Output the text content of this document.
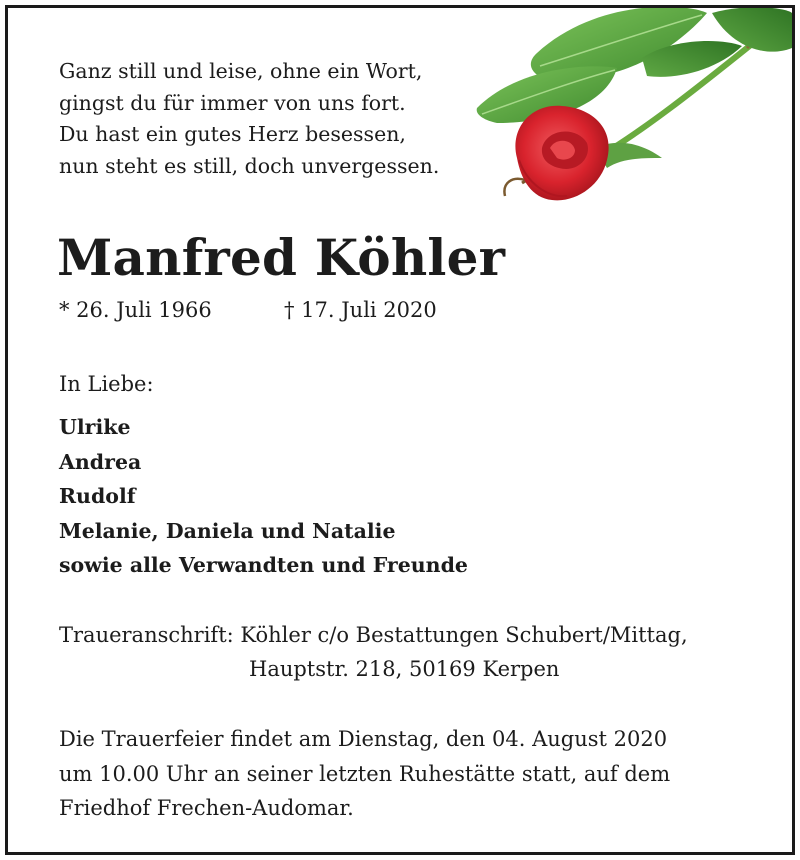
Ganz still und leise, ohne ein Wort,
gingst du für immer von uns fort.
Du hast ein gutes Herz besessen,
nun steht es still, doch unvergessen.
Manfred Köhler
* 26. Juli 1966	† 17. Juli 2020
In Liebe:
Ulrike
Andrea
Rudolf
Melanie, Daniela und Natalie
sowie alle Verwandten und Freunde
Traueranschrift: Köhler c/o Bestattungen Schubert/Mittag,
Hauptstr. 218, 50169 Kerpen
Die Trauerfeier findet am Dienstag, den 04. August 2020
um 10.00 Uhr an seiner letzten Ruhestätte statt, auf dem
Friedhof Frechen-Audomar.
